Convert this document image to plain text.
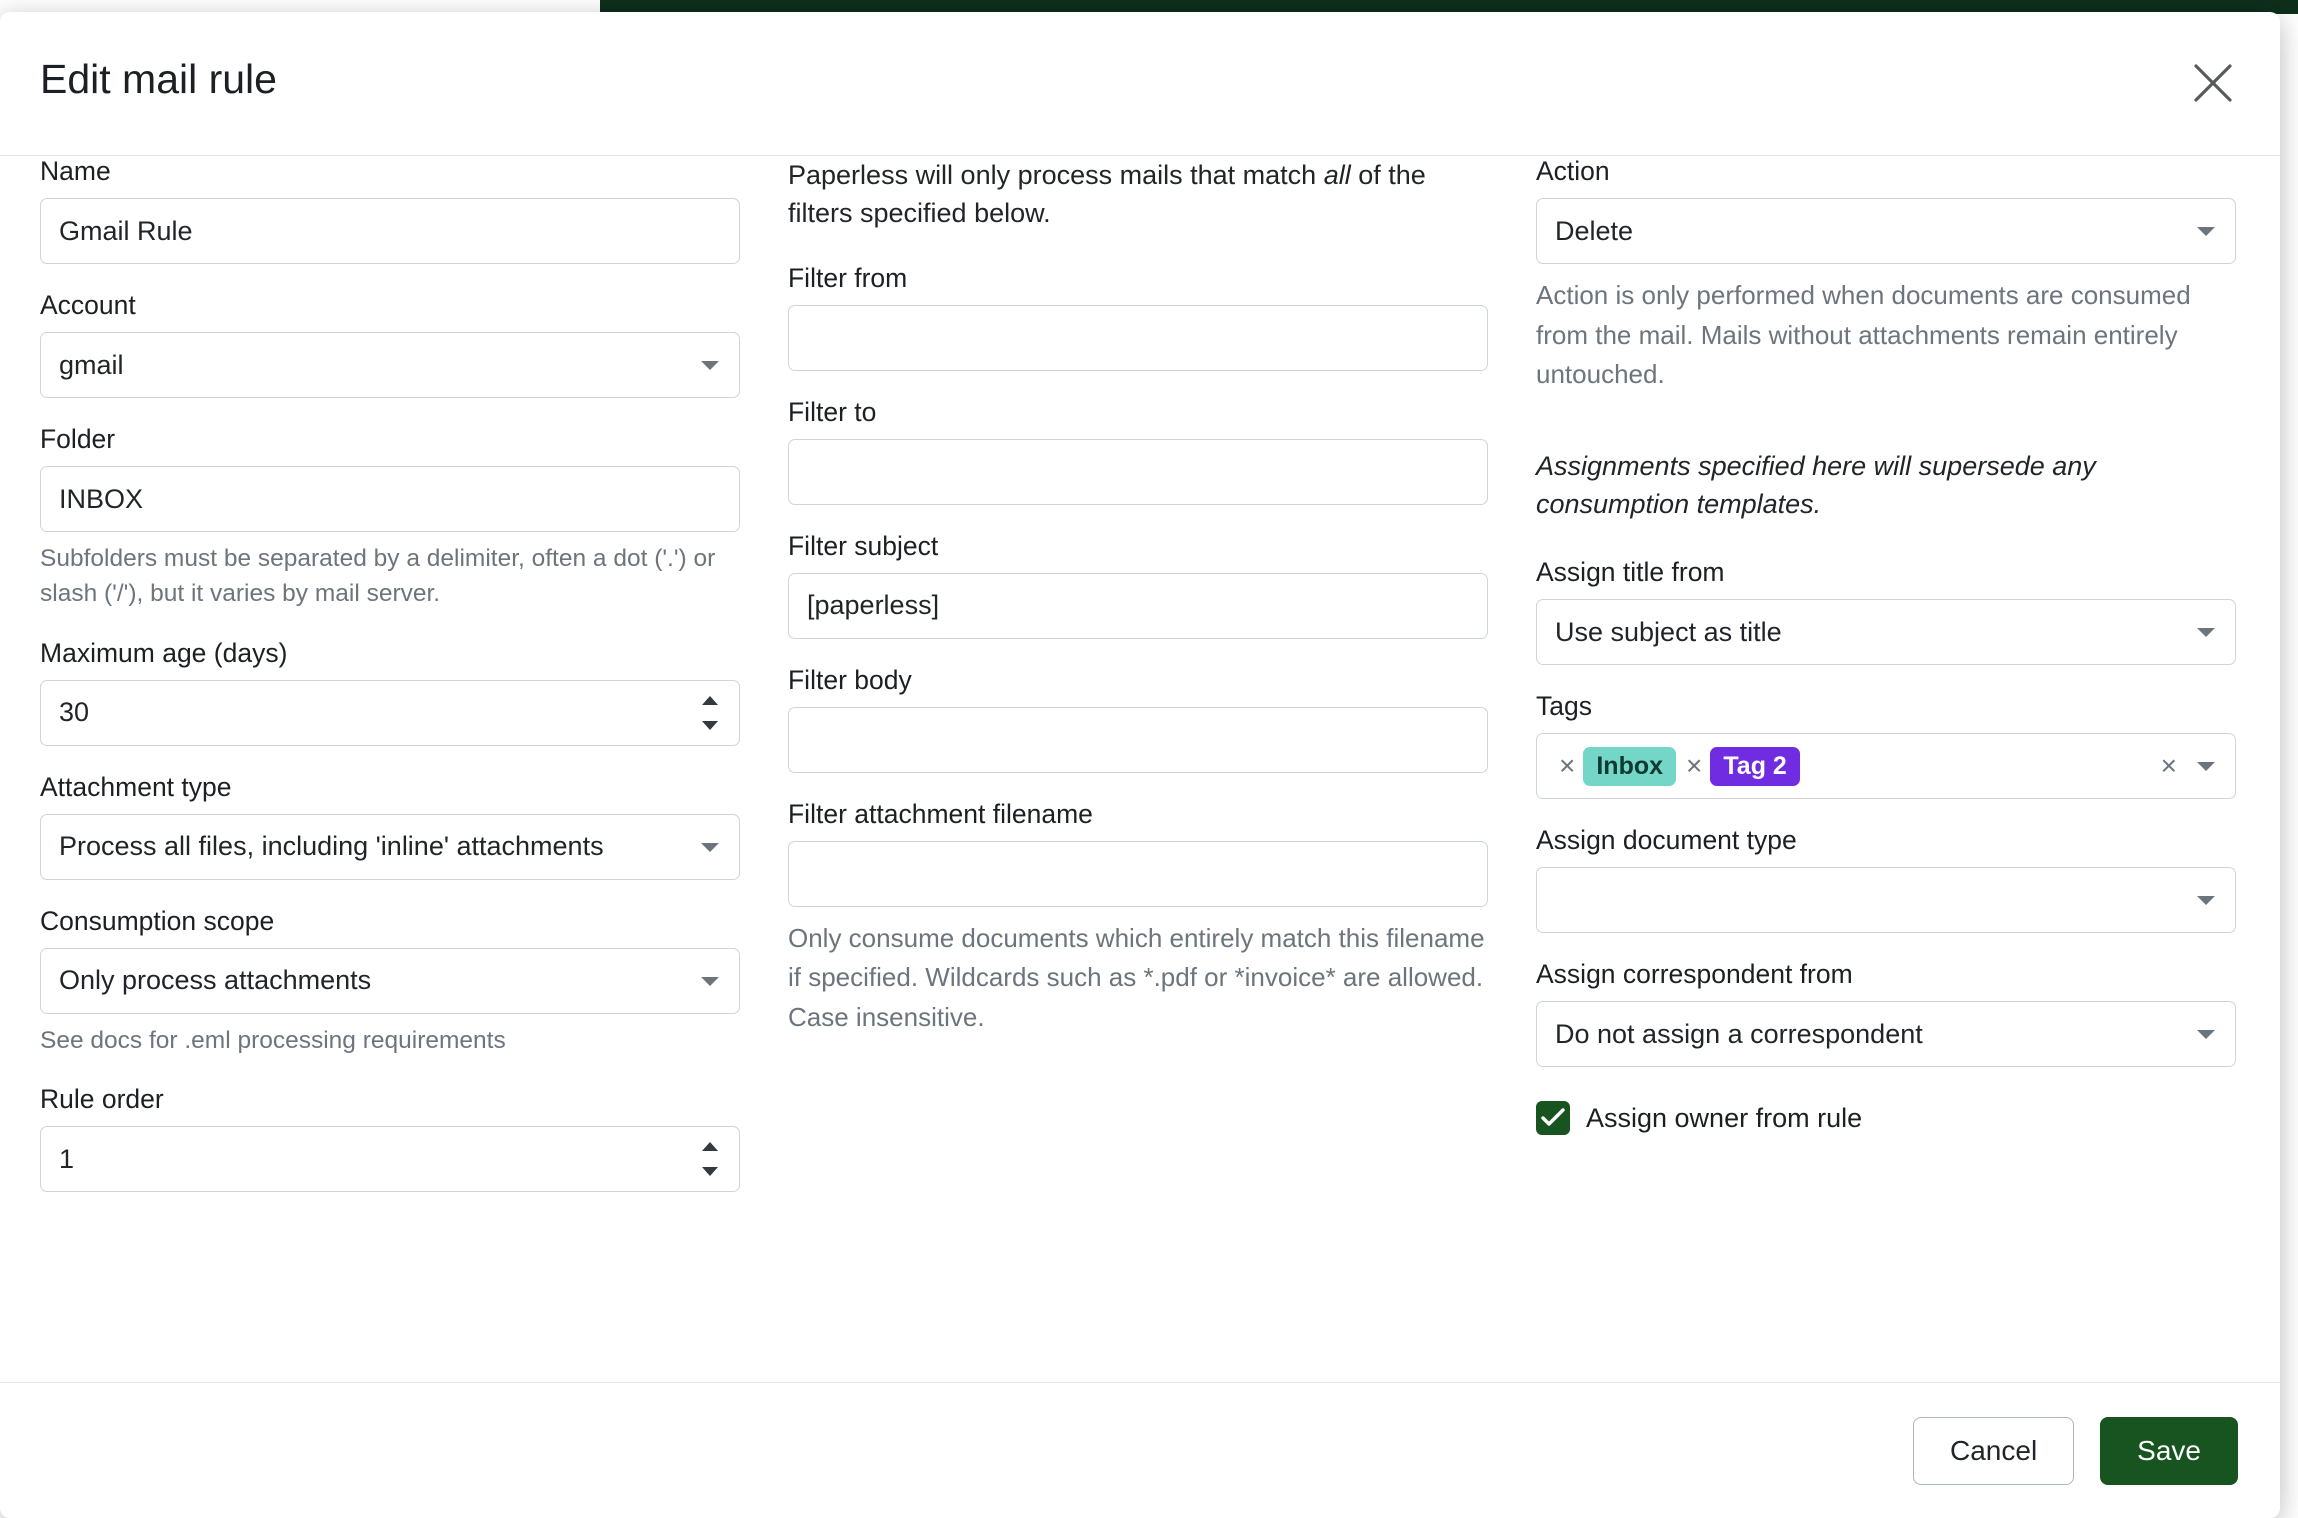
Edit mail rule
Name
Gmail Rule
Account
gmail
Folder
INBOX
Subfolders must be separated by a delimiter, often a dot ('.') or slash ('/'), but it varies by mail server.
Maximum age (days)
30
Attachment type
Process all files, including 'inline' attachments
Consumption scope
Only process attachments
See docs for .eml processing requirements
Rule order
1
Paperless will only process mails that match all of the filters specified below.
Filter from
Filter to
Filter subject
[paperless]
Filter body
Filter attachment filename
Only consume documents which entirely match this filename if specified. Wildcards such as *.pdf or *invoice* are allowed. Case insensitive.
Action
Delete
Action is only performed when documents are consumed from the mail. Mails without attachments remain entirely untouched.
Assignments specified here will supersede any consumption templates.
Assign title from
Use subject as title
Tags
× Inbox × Tag 2	×
Assign document type
Assign correspondent from
Do not assign a correspondent
Assign owner from rule
Cancel	Save
